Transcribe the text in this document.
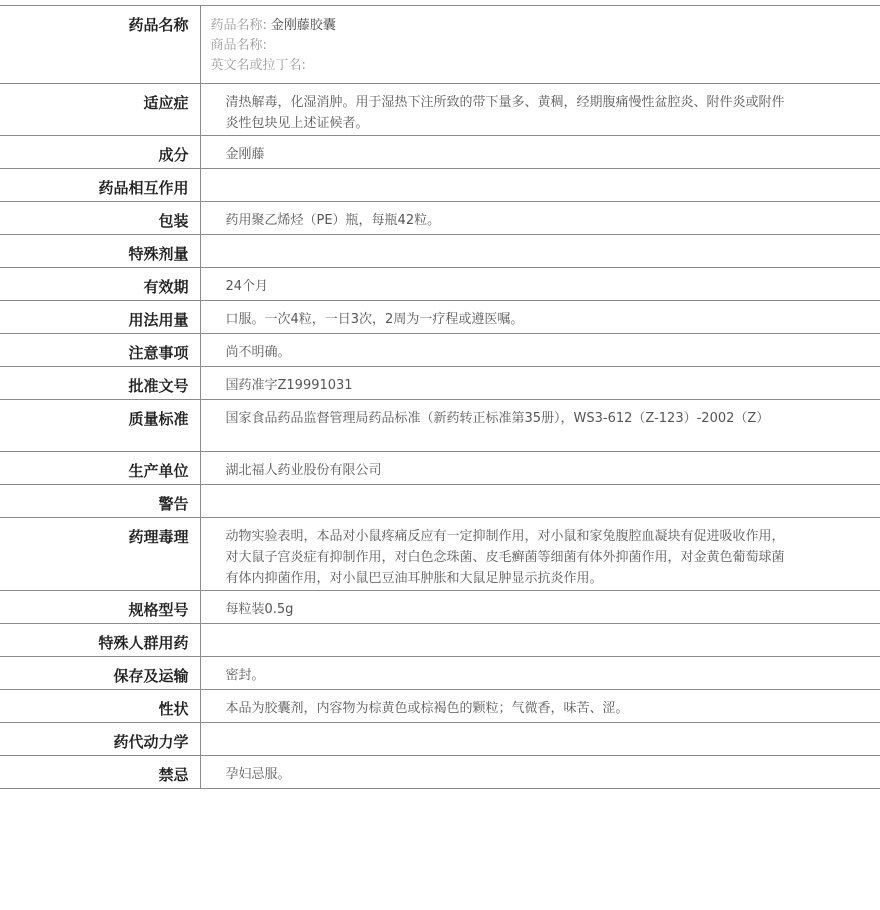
药品名称	药品名称: 金刚藤胶囊
商品名称:
英文名或拉丁名:

适应症	清热解毒，化湿消肿。用于湿热下注所致的带下量多、黄稠，经期腹痛慢性盆腔炎、附件炎或附件炎性包块见上述证候者。
成分	金刚藤
药品相互作用	
包装	药用聚乙烯烃（PE）瓶，每瓶42粒。
特殊剂量	
有效期	24个月
用法用量	口服。一次4粒，一日3次，2周为一疗程或遵医嘱。
注意事项	尚不明确。
批准文号	国药准字Z19991031
质量标准	国家食品药品监督管理局药品标准（新药转正标准第35册），WS3-612（Z-123）-2002（Z）
生产单位	湖北福人药业股份有限公司
警告	
药理毒理	动物实验表明，本品对小鼠疼痛反应有一定抑制作用，对小鼠和家兔腹腔血凝块有促进吸收作用，对大鼠子宫炎症有抑制作用，对白色念珠菌、皮毛癣菌等细菌有体外抑菌作用，对金黄色葡萄球菌有体内抑菌作用，对小鼠巴豆油耳肿胀和大鼠足肿显示抗炎作用。
规格型号	每粒装0.5g
特殊人群用药	
保存及运输	密封。
性状	本品为胶囊剂，内容物为棕黄色或棕褐色的颗粒；气微香，味苦、涩。
药代动力学	
禁忌	孕妇忌服。
